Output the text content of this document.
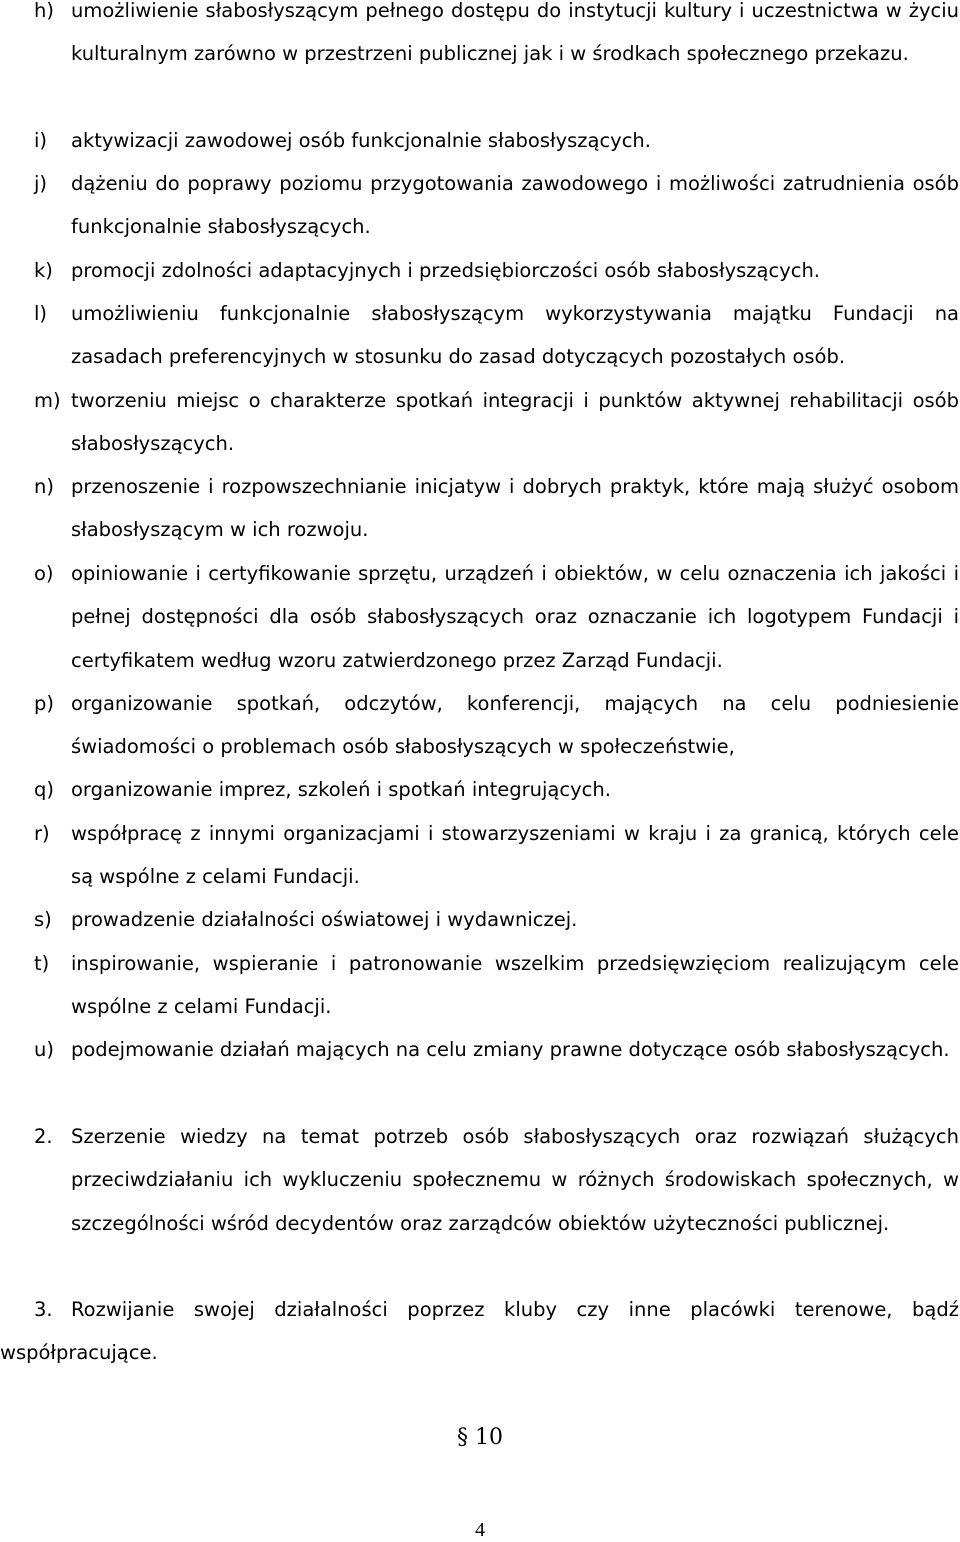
h) umożliwienie słabosłyszącym pełnego dostępu do instytucji kultury i uczestnictwa w życiu kulturalnym zarówno w przestrzeni publicznej jak i w środkach społecznego przekazu.
i) aktywizacji zawodowej osób funkcjonalnie słabosłyszących.
j) dążeniu do poprawy poziomu przygotowania zawodowego i możliwości zatrudnienia osób funkcjonalnie słabosłyszących.
k) promocji zdolności adaptacyjnych i przedsiębiorczości osób słabosłyszących.
l) umożliwieniu funkcjonalnie słabosłyszącym wykorzystywania majątku Fundacji na zasadach preferencyjnych w stosunku do zasad dotyczących pozostałych osób.
m) tworzeniu miejsc o charakterze spotkań integracji i punktów aktywnej rehabilitacji osób słabosłyszących.
n) przenoszenie i rozpowszechnianie inicjatyw i dobrych praktyk, które mają służyć osobom słabosłyszącym w ich rozwoju.
o) opiniowanie i certyfikowanie sprzętu, urządzeń i obiektów, w celu oznaczenia ich jakości i pełnej dostępności dla osób słabosłyszących oraz oznaczanie ich logotypem Fundacji i certyfikatem według wzoru zatwierdzonego przez Zarząd Fundacji.
p) organizowanie spotkań, odczytów, konferencji, mających na celu podniesienie świadomości o problemach osób słabosłyszących w społeczeństwie,
q) organizowanie imprez, szkoleń i spotkań integrujących.
r) współpracę z innymi organizacjami i stowarzyszeniami w kraju i za granicą, których cele są wspólne z celami Fundacji.
s) prowadzenie działalności oświatowej i wydawniczej.
t) inspirowanie, wspieranie i patronowanie wszelkim przedsięwzięciom realizującym cele wspólne z celami Fundacji.
u) podejmowanie działań mających na celu zmiany prawne dotyczące osób słabosłyszących.
2. Szerzenie wiedzy na temat potrzeb osób słabosłyszących oraz rozwiązań służących przeciwdziałaniu ich wykluczeniu społecznemu w różnych środowiskach społecznych, w szczególności wśród decydentów oraz zarządców obiektów użyteczności publicznej.
3. Rozwijanie swojej działalności poprzez kluby czy inne placówki terenowe, bądź współpracujące.
§ 10
4
